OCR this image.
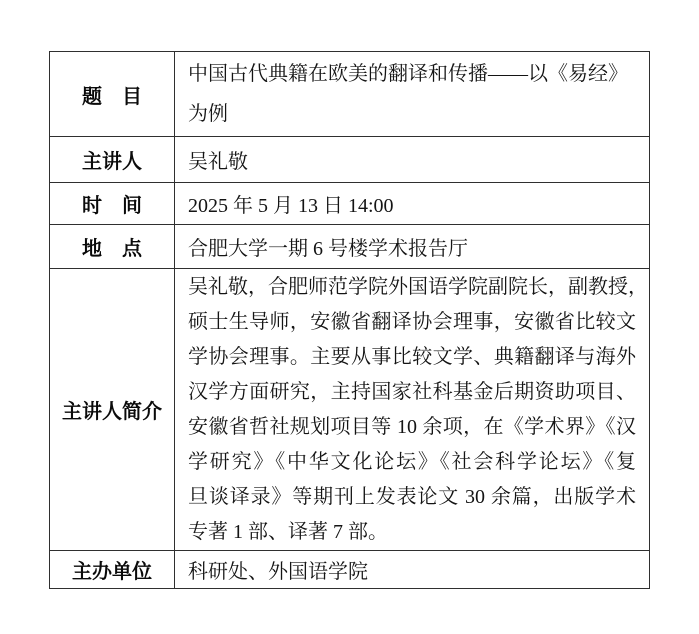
题　目	中国古代典籍在欧美的翻译和传播——以《易经》
为例

主讲人	吴礼敬

时　间	2025 年 5 月 13 日 14:00

地　点	合肥大学一期 6 号楼学术报告厅

主讲人简介	
吴礼敬，合肥师范学院外国语学院副院长，副教授，
硕士生导师，安徽省翻译协会理事，安徽省比较文
学协会理事。主要从事比较文学、典籍翻译与海外
汉学方面研究，主持国家社科基金后期资助项目、
安徽省哲社规划项目等 10 余项，在《学术界》《汉
学研究》《中华文化论坛》《社会科学论坛》《复
旦谈译录》等期刊上发表论文 30 余篇，出版学术
专著 1 部、译著 7 部。

主办单位	科研处、外国语学院
